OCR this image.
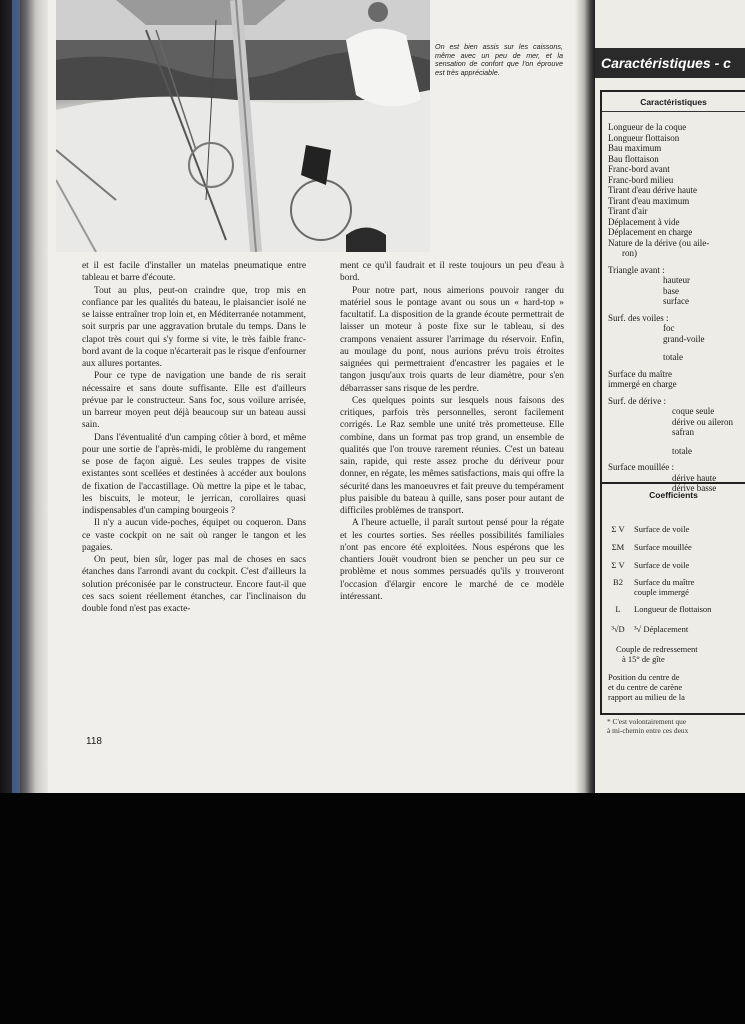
On est bien assis sur les caissons, même avec un peu de mer, et la sensation de confort que l'on éprouve est très appréciable.

et il est facile d'installer un matelas pneumatique entre tableau et barre d'écoute.

Tout au plus, peut-on craindre que, trop mis en confiance par les qualités du bateau, le plaisancier isolé ne se laisse entraîner trop loin et, en Méditerranée notamment, soit surpris par une aggravation brutale du temps. Dans le clapot très court qui s'y forme si vite, le très faible franc-bord avant de la coque n'écarterait pas le risque d'enfourner aux allures portantes.

Pour ce type de navigation une bande de ris serait nécessaire et sans doute suffisante. Elle est d'ailleurs prévue par le constructeur. Sans foc, sous voilure arrisée, un barreur moyen peut déjà beaucoup sur un bateau aussi sain.

Dans l'éventualité d'un camping côtier à bord, et même pour une sortie de l'après-midi, le problème du rangement se pose de façon aiguë. Les seules trappes de visite existantes sont scellées et destinées à accéder aux boulons de fixation de l'accastillage. Où mettre la pipe et le tabac, les biscuits, le moteur, le jerrican, corollaires quasi indispensables d'un camping bourgeois ?

Il n'y a aucun vide-poches, équipet ou coqueron. Dans ce vaste cockpit on ne sait où ranger le tangon et les pagaies.

On peut, bien sûr, loger pas mal de choses en sacs étanches dans l'arrondi avant du cockpit. C'est d'ailleurs la solution préconisée par le constructeur. Encore faut-il que ces sacs soient réellement étanches, car l'inclinaison du double fond n'est pas exacte-

ment ce qu'il faudrait et il reste toujours un peu d'eau à bord.

Pour notre part, nous aimerions pouvoir ranger du matériel sous le pontage avant ou sous un « hard-top » facultatif. La disposition de la grande écoute permettrait de laisser un moteur à poste fixe sur le tableau, si des crampons venaient assurer l'arrimage du réservoir. Enfin, au moulage du pont, nous aurions prévu trois étroites saignées qui permettraient d'encastrer les pagaies et le tangon jusqu'aux trois quarts de leur diamètre, pour s'en débarrasser sans risque de les perdre.

Ces quelques points sur lesquels nous faisons des critiques, parfois très personnelles, seront facilement corrigés. Le Raz semble une unité très prometteuse. Elle combine, dans un format pas trop grand, un ensemble de qualités que l'on trouve rarement réunies. C'est un bateau sain, rapide, qui reste assez proche du dériveur pour donner, en régate, les mêmes satisfactions, mais qui offre la sécurité dans les manoeuvres et fait preuve du tempérament plus paisible du bateau à quille, sans poser pour autant de difficiles problèmes de transport.

A l'heure actuelle, il paraît surtout pensé pour la régate et les courtes sorties. Ses réelles possibilités familiales n'ont pas encore été exploitées. Nous espérons que les chantiers Jouët voudront bien se pencher un peu sur ce problème et nous sommes persuadés qu'ils y trouveront l'occasion d'élargir encore le marché de ce modèle intéressant.

118
Caractéristiques - c
Caractéristiques
Longueur de la coque
Longueur flottaison
Bau maximum
Bau flottaison
Franc-bord avant
Franc-bord milieu
Tirant d'eau dérive haute
Tirant d'eau maximum
Tirant d'air
Déplacement à vide
Déplacement en charge
Nature de la dérive (ou aile-
ron)
Triangle avant :
hauteur
base
surface
Surf. des voiles :
foc
grand-voile
totale
Surface du maître
immergé en charge
Surf. de dérive :
coque seule
dérive ou aileron
safran
totale
Surface mouillée :
dérive haute
dérive basse
Coefficients
Σ V Surface de voile
ΣM Surface mouillée
Σ V Surface de voile
B2 Surface du maître
couple immergé
L Longueur de flottaison
³√D ³√ Déplacement
Couple de redressement
à 15° de gîte
Position du centre de
et du centre de carène
rapport au milieu de la
* C'est volontairement que
à mi-chemin entre ces deux
